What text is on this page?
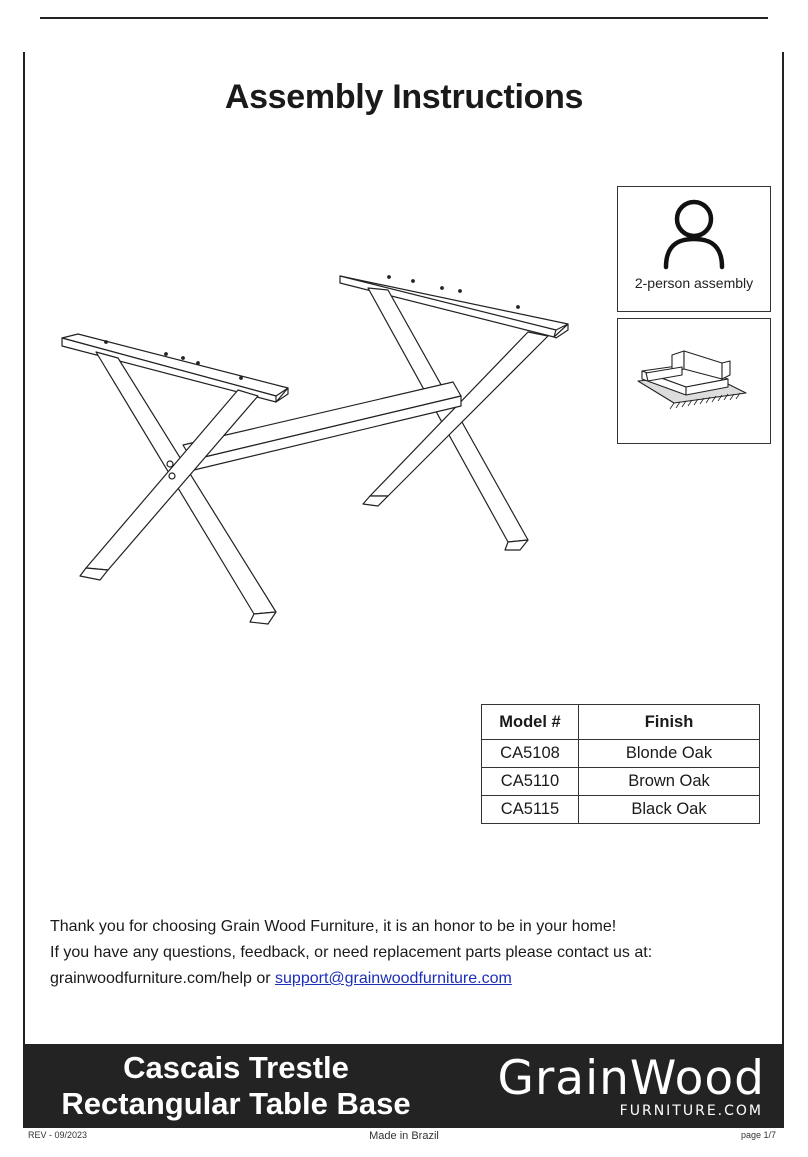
Assembly Instructions
2-person assembly
Model #	Finish
CA5108	Blonde Oak
CA5110	Brown Oak
CA5115	Black Oak
Thank you for choosing Grain Wood Furniture, it is an honor to be in your home!
If you have any questions, feedback, or need replacement parts please contact us at:
grainwoodfurniture.com/help or support@grainwoodfurniture.com
Cascais Trestle
Rectangular Table Base	GrainWood
FURNITURE.COM
REV - 09/2023	Made in Brazil	page 1/7
